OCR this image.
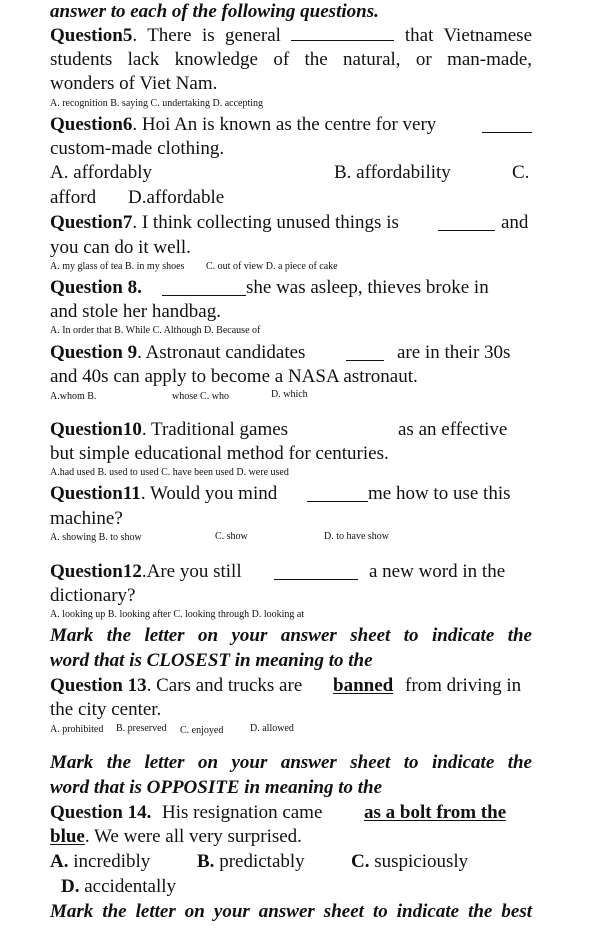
answer to each of the following questions.
Question5. There is general	that Vietnamese
students lack knowledge of the natural, or man-made,
wonders of Viet Nam.
A. recognition B. saying C. undertaking D. accepting
Question6. Hoi An is known as the centre for very
custom-made clothing.
A. affordably	B. affordability	C.
afford D.affordable
Question7. I think collecting unused things is	and
you can do it well.
A. my glass of tea B. in my shoes C. out of view D. a piece of cake
Question 8.	she was asleep, thieves broke in
and stole her handbag.
A. In order that B. While C. Although D. Because of
Question 9. Astronaut candidates	are in their 30s
and 40s can apply to become a NASA astronaut.
A.whom B.	whose C. who	D. which
Question10. Traditional games	as an effective
but simple educational method for centuries.
A.had used B. used to used C. have been used D. were used
Question11. Would you mind	me how to use this
machine?
A. showing B. to show	C. show	D. to have show
Question12.Are you still	a new word in the
dictionary?
A. looking up B. looking after C. looking through D. looking at
Mark the letter on your answer sheet to indicate the
word that is CLOSEST in meaning to the
Question 13. Cars and trucks are banned from driving in
the city center.
A. prohibited B. preserved C. enjoyed	D. allowed
Mark the letter on your answer sheet to indicate the
word that is OPPOSITE in meaning to the
Question 14. His resignation came as a bolt from the
blue. We were all very surprised.
A. incredibly B. predictably C. suspiciously
D. accidentally
Mark the letter on your answer sheet to indicate the best
